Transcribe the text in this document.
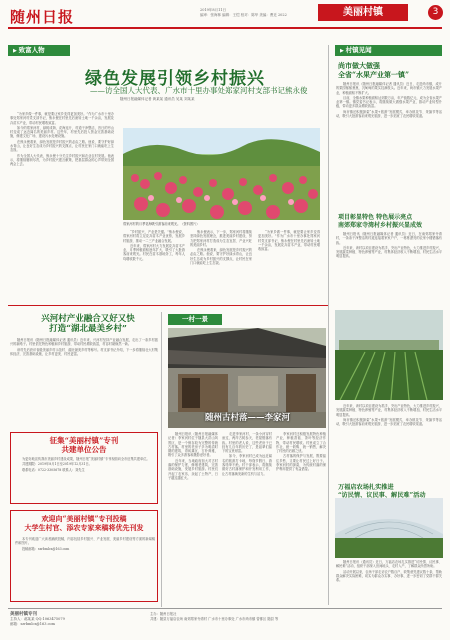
随州日报	2019年8月11日
编审：张海林 编辑：王恺 校对：陈华 美编：曹近 2022	美丽村镇	3
▶ 致富人物
▶	村镇见闻
绿色发展引领乡村振兴
——访全国人大代表、广水市十里办事处郑家河村支部书记熊永俊
随州日报融媒体记者 黄某某 通讯员 吴某 刘某某

“为家乡做一件事，就是要让家乡变得更加美好。”作为广水市十里办事处郑家河村党支部书记，熊永俊在村里先后流转土地一千余亩，发展花卉苗木产业，带动村民增收致富。

如今的郑家河村，绿树成荫，花海连片，村道干净整洁，昔日的穷山村变成了远近闻名的美丽乡村。这些年，村里先后投入资金完善基础设施，修建文化广场，建设污水处理设施。

在熊永俊看来，绿色发展是乡村振兴的必由之路。他说，要守护好绿水青山，让良好生态成为乡村振兴的支撑点，让村民在家门口就能吃上生态饭。

作为全国人大代表，熊永俊十分关注乡村振兴和农业农村发展。他表示，将继续履职尽责，为乡村振兴建言献策，把基层群众的心声带到全国两会上去。

郑家河村的月季花海吸引游客前来观光。（资料图片）

“乡村振兴，产业是关键。”熊永俊说，郑家河村将立足花卉苗木产业优势，发展乡村旅游，推动一二三产业融合发展。

近年来，郑家河村大力发展花卉苗木产业，月季种植面积逐年扩大，吸引了大批游客前来观光。村民在苗木基地务工，每年人均增收数千元。

熊永俊表示，下一步，郑家河村将继续坚持绿色发展理念，推进美丽乡村建设，努力把郑家河村打造成为生态宜居、产业兴旺的美丽乡村。

在熊永俊看来，绿色发展是乡村振兴的必由之路。他说，要守护好绿水青山，让良好生态成为乡村振兴的支撑点，让村民在家门口就能吃上生态饭。

“为家乡做一件事，就是要让家乡变得更加美好。”作为广水市十里办事处郑家河村党支部书记，熊永俊在村里先后流转土地一千余亩，发展花卉苗木产业，带动村民增收致富。

兴河村产业融合又好又快
打造“湖北最美乡村”

随州日报讯（随州日报融媒体记者 通讯员）近年来，兴河村坚持产业融合发展，走出了一条乡村振兴的新路子。村里依托特色种植和乡村旅游，带动村民增收致富，村容村貌焕然一新。

该村先后获评省级美丽乡村示范村、湖北最美乡村等称号。村支部书记介绍，下一步将继续壮大村集体经济，完善基础设施，让乡村更美、村民更富。

征集“美丽村镇”专刊
共建单位公告

为更好地宣传我市美丽乡村建设成果，随州日报“美丽村镇”专刊现面向全市征集共建单位。

共建期限：2019年8月1日至2019年12月31日。

联系电话：0722-3305678 联系人：刘先生

欢迎向“美丽村镇”专刊投稿
大学生村官、添农专家来稿将优先刊发

本专刊欢迎广大读者踊跃投稿，内容包括乡村振兴、产业发展、美丽乡村建设等方面的新闻稿件和图片。

投稿邮箱：szrbmlcz@163.com

一村一景
随州古村落——李家河

随州日报讯（随州日报融媒体记者）李家河村位于随县大洪山风景区，是一个保存较为完整的传统古村落。村里的老房子多为明清时期的建筑，青砖黛瓦，古朴典雅，吸引了众多游客和摄影爱好者。

近年来，当地政府加大对古村落的保护力度，修缮老建筑，完善基础设施，发展乡村旅游。村民们开起了农家乐，卖起了土特产，日子越过越红火。

走进李家河村，一条小河穿村而过，两岸古树参天，老屋错落有致。村里的老人说，这些老房子已经有几百年的历史了，是祖辈们留下的宝贵财富。

如今，李家河村已成为远近闻名的旅游打卡地，每逢节假日，游客络绎不绝。村干部表示，将继续做好古村落保护和开发利用工作，让古村落焕发新的生机与活力。

李家河村还积极发展特色种植产业，种植香菇、茶叶等经济作物，带动村民增收。村里成立了合作社，统一收购、统一销售，解决了村民的后顾之忧。

古村落的保护与发展，既要留住乡愁，又要让村民过上好日子。李家河村的探索，为传统村落的保护利用提供了有益借鉴。

尚市做大做强
全省“水果产业第一镇”

随州日报讯（随州日报融媒体记者 通讯员）近日，走进尚市镇，成片的果园郁郁葱葱，沉甸甸的果实挂满枝头。近年来，尚市镇大力发展水果产业，种植面积不断扩大。

目前，全镇水果种植面积达到数万亩，年产值数亿元，成为全省水果产业第一镇。镇党委书记表示，将继续做大做强水果产业，推动产业转型升级，带动更多群众增收致富。

尚市镇还积极探索“水果+旅游”发展模式，举办桃花节、采摘节等活动，吸引大批游客前来观光旅游，进一步拓宽了农民增收渠道。

项目彰显特色 特色展示亮点
南郊郑家寺湾村乡村振兴显成效

随州日报讯（随州日报融媒体记者 通讯员）近日，在南郊郑家寺湾村，一条条干净整洁的村道连接着家家户户，一栋栋漂亮的农家小楼错落有致。

近年来，该村以项目建设为抓手，突出产业特色，大力推进乡村振兴，发展蔬菜种植、特色养殖等产业，村集体经济收入不断增加，村民生活水平明显提高。

近年来，该村以项目建设为抓手，突出产业特色，大力推进乡村振兴，发展蔬菜种植、特色养殖等产业，村集体经济收入不断增加，村民生活水平明显提高。

尚市镇还积极探索“水果+旅游”发展模式，举办桃花节、采摘节等活动，吸引大批游客前来观光旅游，进一步拓宽了农民增收渠道。

万福店农场扎实推进
“访民情、议民事、解民难”活动

随州日报讯（通讯员）近日，万福店农场扎实推进“访民情、议民事、解民难”活动，组织干部深入田间地头、走村入户，了解群众所思所盼。

活动开展以来，农场干部走访农户数百户，收集意见建议数十条，帮助群众解决实际困难，切实为群众办实事、办好事，进一步密切了党群干群关系。

美丽村镇专刊
主持人：郝某某 QQ:1063475079
邮箱：szrbmlcz@163.com
主办：随州日报社
共建：随县万福店农场 南郊郑家寺湾村 广水市十里办事处 广水市尚市镇 曾都区 随县 等
